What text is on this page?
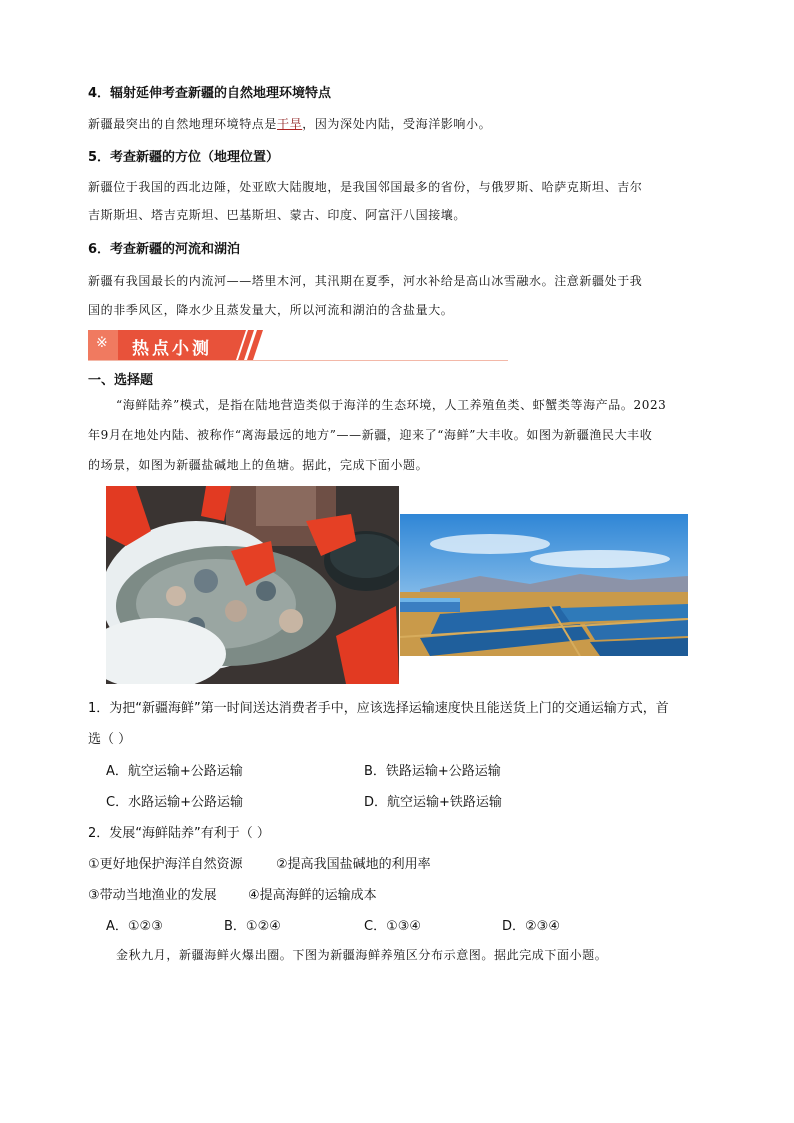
4．辐射延伸考查新疆的自然地理环境特点
新疆最突出的自然地理环境特点是干旱，因为深处内陆，受海洋影响小。
5．考查新疆的方位（地理位置）
新疆位于我国的西北边陲，处亚欧大陆腹地，是我国邻国最多的省份，与俄罗斯、哈萨克斯坦、吉尔
吉斯斯坦、塔吉克斯坦、巴基斯坦、蒙古、印度、阿富汗八国接壤。
6．考查新疆的河流和湖泊
新疆有我国最长的内流河——塔里木河，其汛期在夏季，河水补给是高山冰雪融水。注意新疆处于我
国的非季风区，降水少且蒸发量大，所以河流和湖泊的含盐量大。
※ 热点小测
一、选择题
“海鲜陆养”模式，是指在陆地营造类似于海洋的生态环境，人工养殖鱼类、虾蟹类等海产品。2023
年9月在地处内陆、被称作“离海最远的地方”——新疆，迎来了“海鲜”大丰收。如图为新疆渔民大丰收
的场景，如图为新疆盐碱地上的鱼塘。据此，完成下面小题。
1．为把“新疆海鲜”第一时间送达消费者手中，应该选择运输速度快且能送货上门的交通运输方式，首
选（ ）
A．航空运输+公路运输	B．铁路运输+公路运输
C．水路运输+公路运输	D．航空运输+铁路运输
2．发展“海鲜陆养”有利于（ ）
①更好地保护海洋自然资源	②提高我国盐碱地的利用率
③带动当地渔业的发展 ④提高海鲜的运输成本
A．①②③	B．①②④	C．①③④	D．②③④
金秋九月，新疆海鲜火爆出圈。下图为新疆海鲜养殖区分布示意图。据此完成下面小题。
